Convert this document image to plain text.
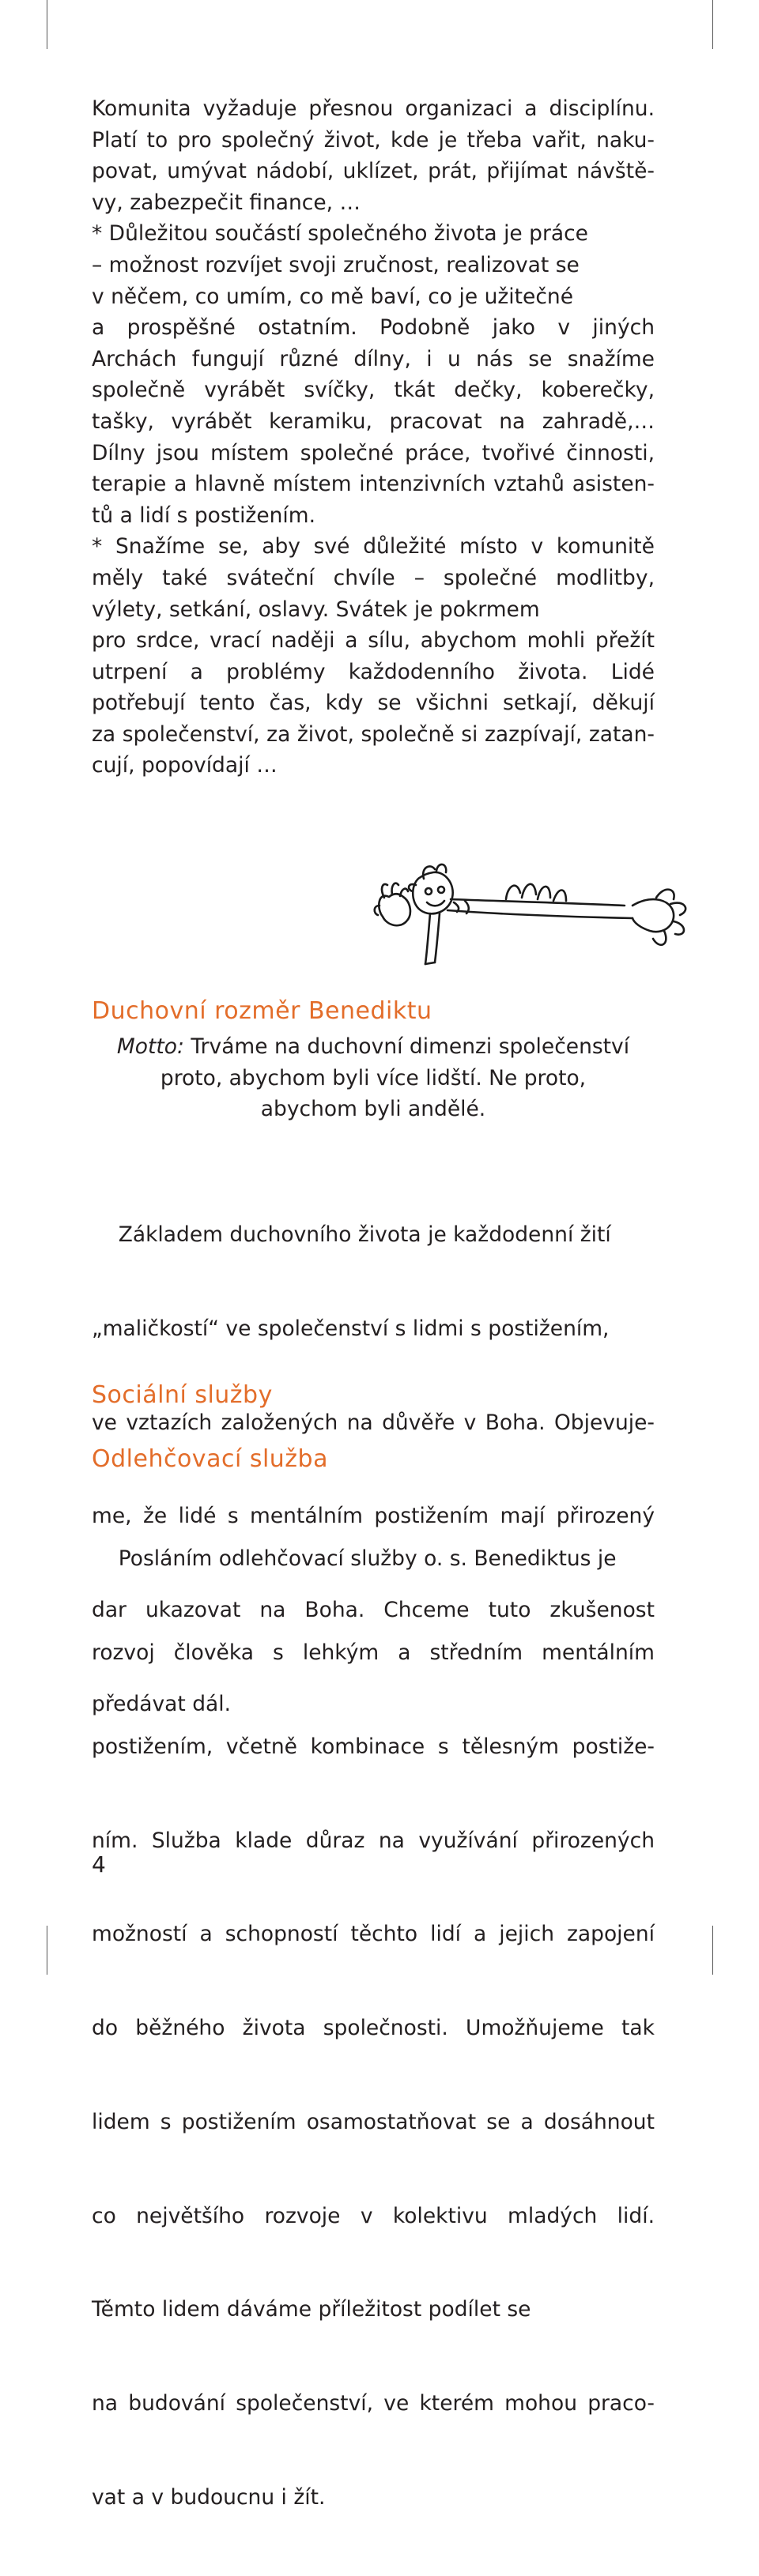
Komunita vyžaduje přesnou organizaci a disciplínu.
Platí to pro společný život, kde je třeba vařit, naku-
povat, umývat nádobí, uklízet, prát, přijímat návště-
vy, zabezpečit finance, …
* Důležitou součástí společného života je práce
– možnost rozvíjet svoji zručnost, realizovat se
v něčem, co umím, co mě baví, co je užitečné
a prospěšné ostatním. Podobně jako v jiných
Archách fungují různé dílny, i u nás se snažíme
společně vyrábět svíčky, tkát dečky, koberečky,
tašky, vyrábět keramiku, pracovat na zahradě,…
Dílny jsou místem společné práce, tvořivé činnosti,
terapie a hlavně místem intenzivních vztahů asisten-
tů a lidí s postižením.
* Snažíme se, aby své důležité místo v komunitě
měly také sváteční chvíle – společné modlitby,
výlety, setkání, oslavy. Svátek je pokrmem
pro srdce, vrací naději a sílu, abychom mohli přežít
utrpení a problémy každodenního života. Lidé
potřebují tento čas, kdy se všichni setkají, děkují
za společenství, za život, společně si zazpívají, zatan-
cují, popovídají …

Duchovní rozměr Benediktu

Motto: Trváme na duchovní dimenzi společenství
proto, abychom byli více lidští. Ne proto,
abychom byli andělé.

Základem duchovního života je každodenní žití

„maličkostí“ ve společenství s lidmi s postižením,

ve vztazích založených na důvěře v Boha. Objevuje-

me, že lidé s mentálním postižením mají přirozený

dar ukazovat na Boha. Chceme tuto zkušenost

předávat dál.

Sociální služby
Odlehčovací služba

Posláním odlehčovací služby o. s. Benediktus je

rozvoj člověka s lehkým a středním mentálním

postižením, včetně kombinace s tělesným postiže-

ním. Služba klade důraz na využívání přirozených

možností a schopností těchto lidí a jejich zapojení

do běžného života společnosti. Umožňujeme tak

lidem s postižením osamostatňovat se a dosáhnout

co největšího rozvoje v kolektivu mladých lidí.

Těmto lidem dáváme příležitost podílet se

na budování společenství, ve kterém mohou praco-

vat a v budoucnu i žít.

4
